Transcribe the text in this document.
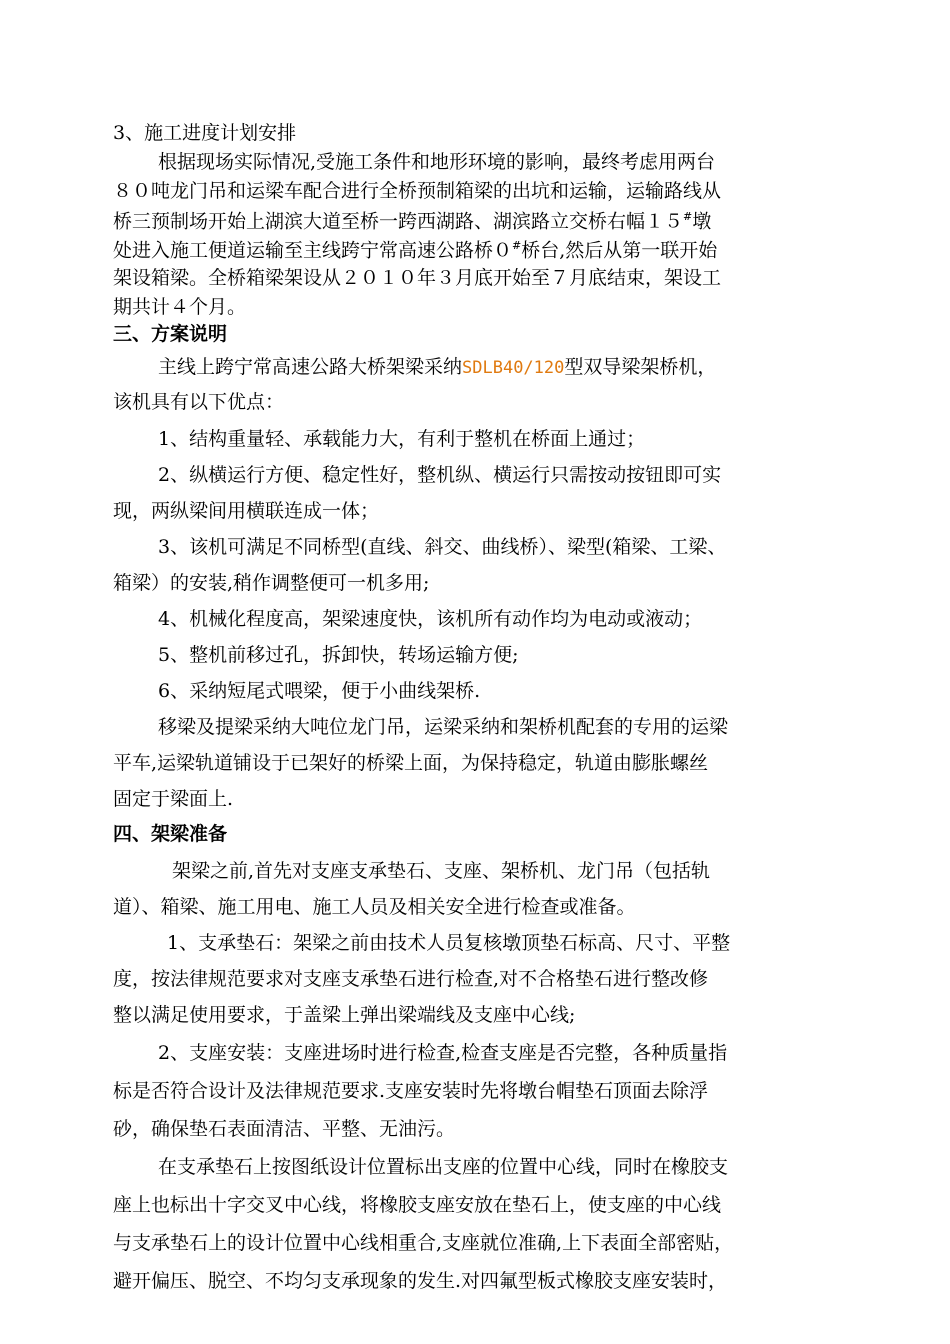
3、施工进度计划安排
根据现场实际情况,受施工条件和地形环境的影响，最终考虑用两台
８０吨龙门吊和运梁车配合进行全桥预制箱梁的出坑和运输，运输路线从
桥三预制场开始上湖滨大道至桥一跨西湖路、湖滨路立交桥右幅１５#墩
处进入施工便道运输至主线跨宁常高速公路桥０#桥台,然后从第一联开始
架设箱梁。全桥箱梁架设从２０１０年３月底开始至７月底结束，架设工
期共计４个月。
三、方案说明
主线上跨宁常高速公路大桥架梁采纳SDLB40/120型双导梁架桥机，
该机具有以下优点：
1、结构重量轻、承载能力大，有利于整机在桥面上通过；
2、纵横运行方便、稳定性好，整机纵、横运行只需按动按钮即可实
现，两纵梁间用横联连成一体；
3、该机可满足不同桥型(直线、斜交、曲线桥）、梁型(箱梁、工梁、
箱梁）的安装,稍作调整便可一机多用;
4、机械化程度高，架梁速度快，该机所有动作均为电动或液动；
5、整机前移过孔，拆卸快，转场运输方便;
6、采纳短尾式喂梁，便于小曲线架桥.
移梁及提梁采纳大吨位龙门吊，运梁采纳和架桥机配套的专用的运梁
平车,运梁轨道铺设于已架好的桥梁上面，为保持稳定，轨道由膨胀螺丝
固定于梁面上.
四、架梁准备
架梁之前,首先对支座支承垫石、支座、架桥机、龙门吊（包括轨
道）、箱梁、施工用电、施工人员及相关安全进行检查或准备。
1、支承垫石：架梁之前由技术人员复核墩顶垫石标高、尺寸、平整
度，按法律规范要求对支座支承垫石进行检查,对不合格垫石进行整改修
整以满足使用要求，于盖梁上弹出梁端线及支座中心线;
2、支座安装：支座进场时进行检查,检查支座是否完整，各种质量指
标是否符合设计及法律规范要求.支座安装时先将墩台帽垫石顶面去除浮
砂，确保垫石表面清洁、平整、无油污。
在支承垫石上按图纸设计位置标出支座的位置中心线，同时在橡胶支
座上也标出十字交叉中心线，将橡胶支座安放在垫石上，使支座的中心线
与支承垫石上的设计位置中心线相重合,支座就位准确,上下表面全部密贴，
避开偏压、脱空、不均匀支承现象的发生.对四氟型板式橡胶支座安装时，
